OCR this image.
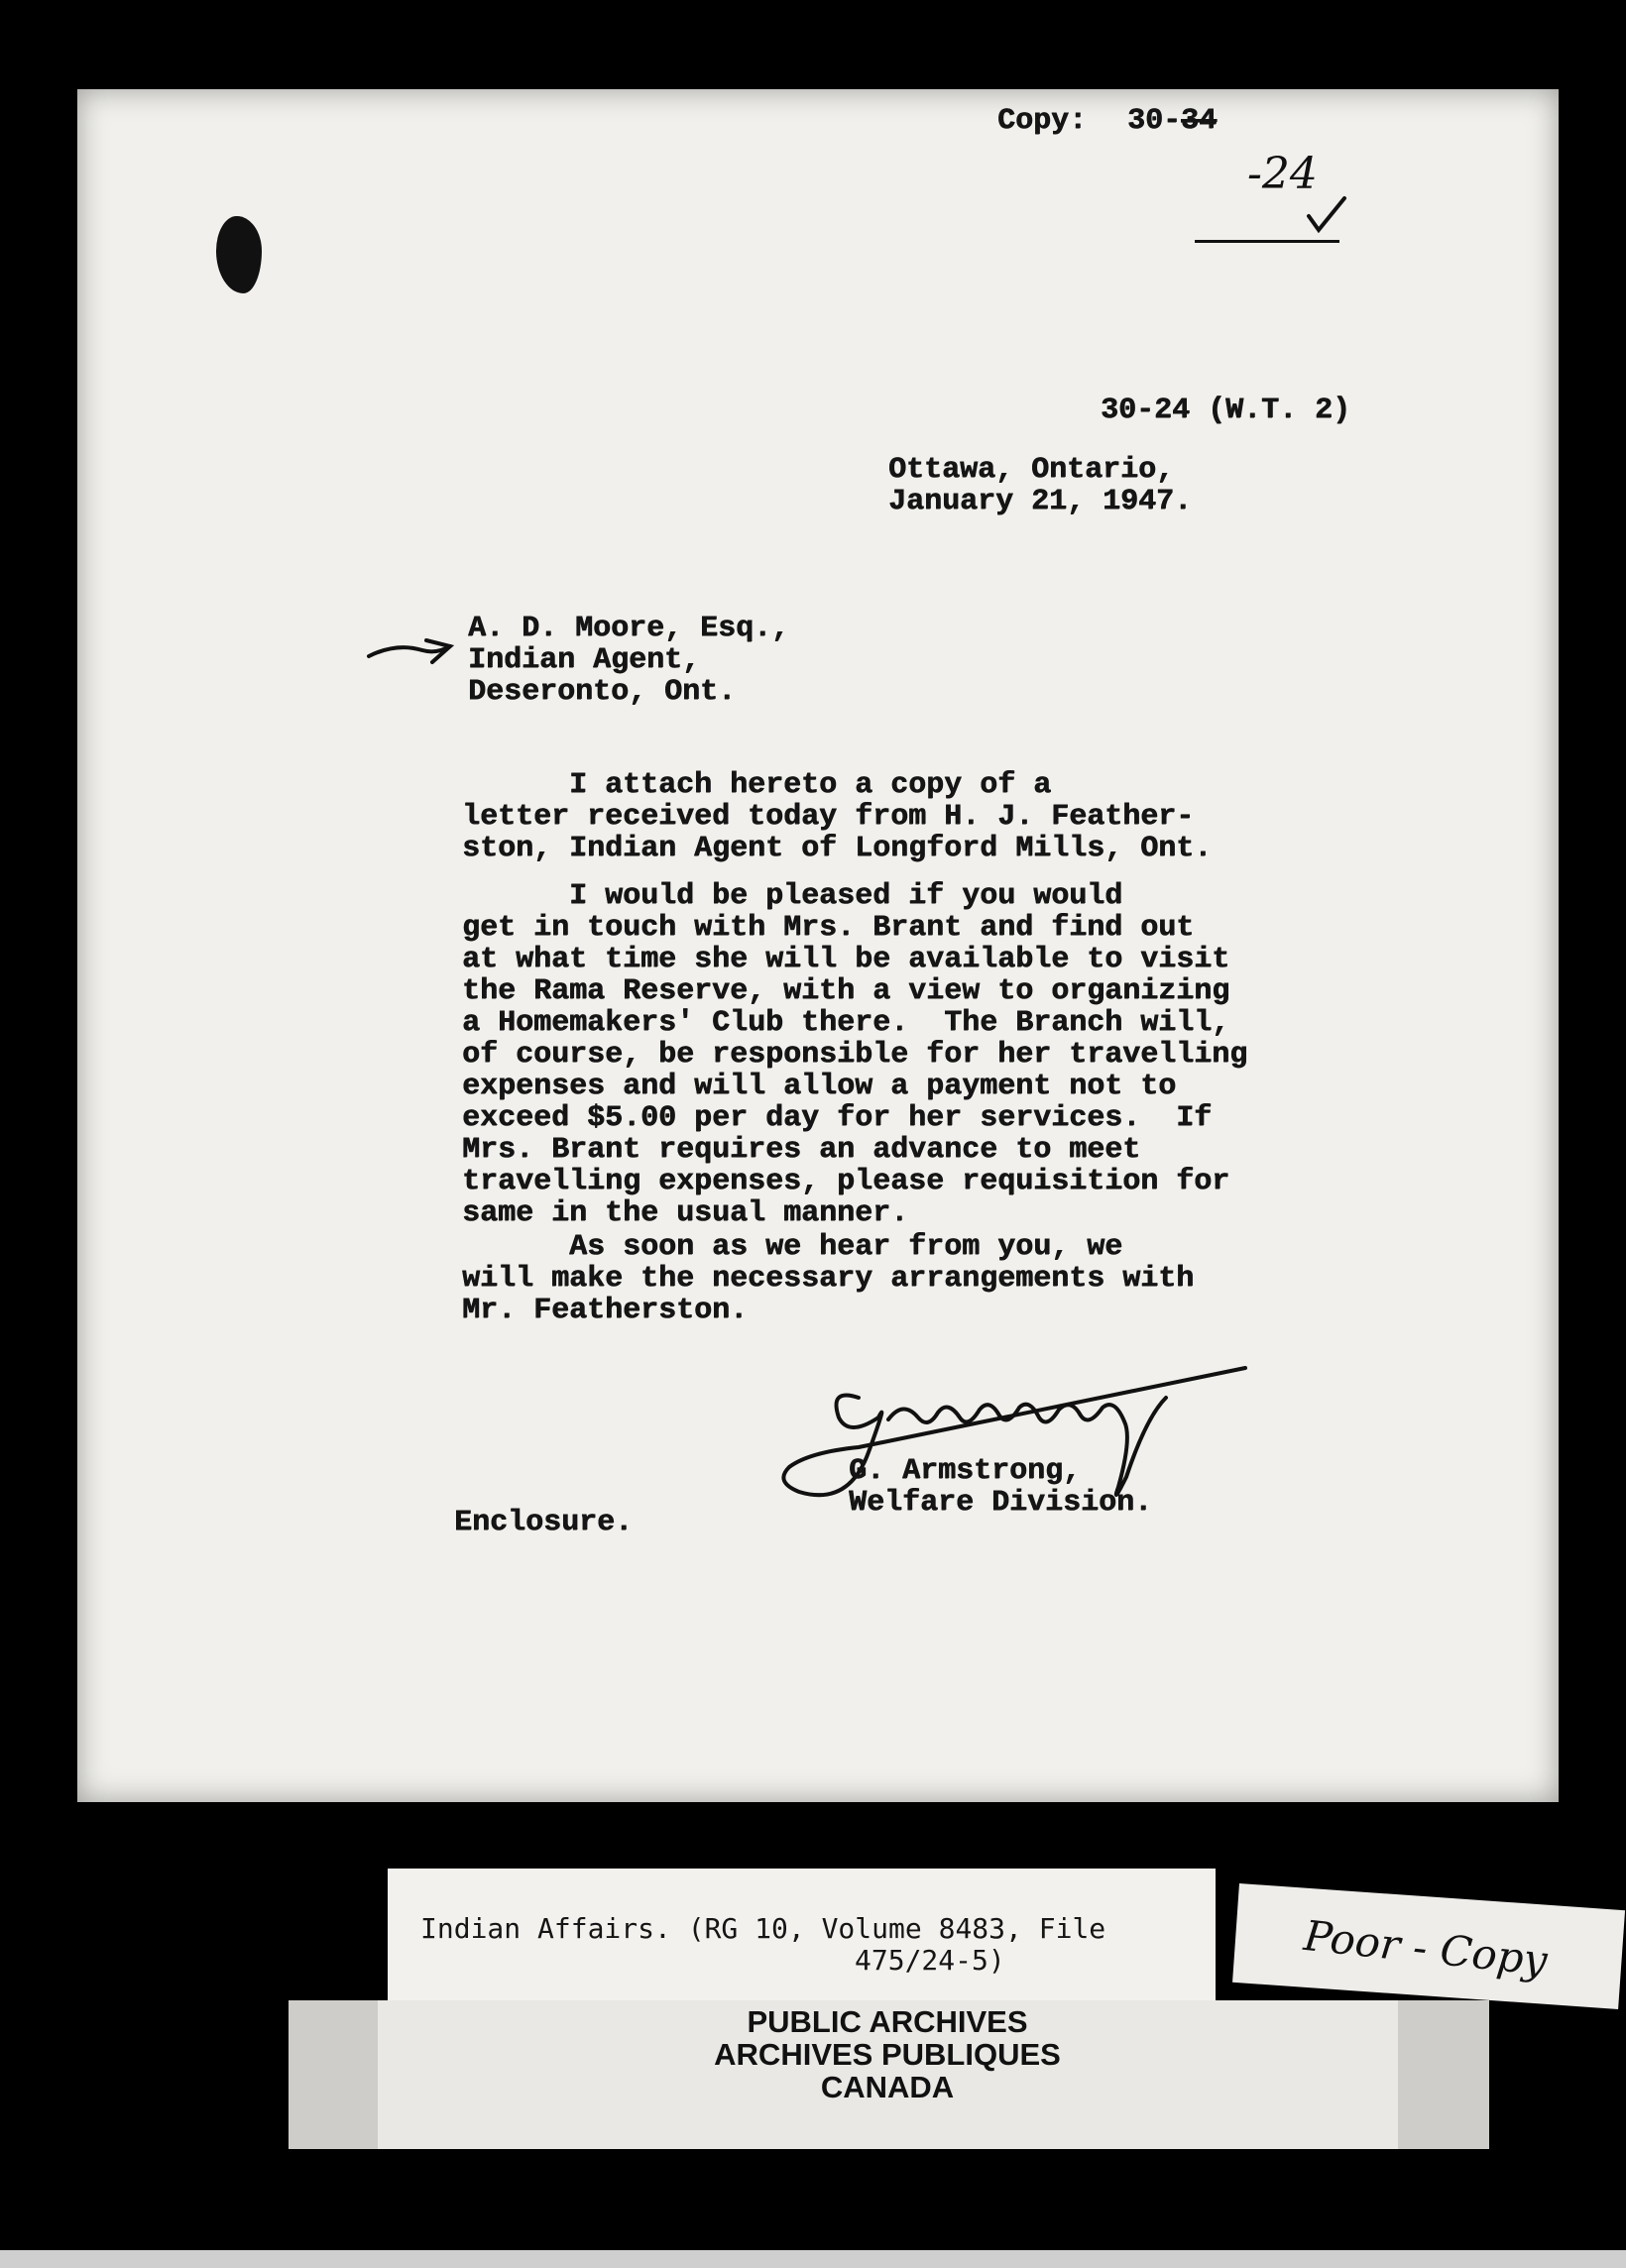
Copy: 30-34
-24
30-24 (W.T. 2)
Ottawa, Ontario,
January 21, 1947.
A. D. Moore, Esq.,
Indian Agent,
Deseronto, Ont.
I attach hereto a copy of a
letter received today from H. J. Feather-
ston, Indian Agent of Longford Mills, Ont.
I would be pleased if you would
get in touch with Mrs. Brant and find out
at what time she will be available to visit
the Rama Reserve, with a view to organizing
a Homemakers' Club there.  The Branch will,
of course, be responsible for her travelling
expenses and will allow a payment not to
exceed $5.00 per day for her services.  If
Mrs. Brant requires an advance to meet
travelling expenses, please requisition for
same in the usual manner.
As soon as we hear from you, we
will make the necessary arrangements with
Mr. Featherston.
G. Armstrong,
Welfare Division.
Enclosure.
Indian Affairs. (RG 10, Volume 8483, File
475/24-5)	Poor - Copy
PUBLIC ARCHIVES
ARCHIVES PUBLIQUES
CANADA
